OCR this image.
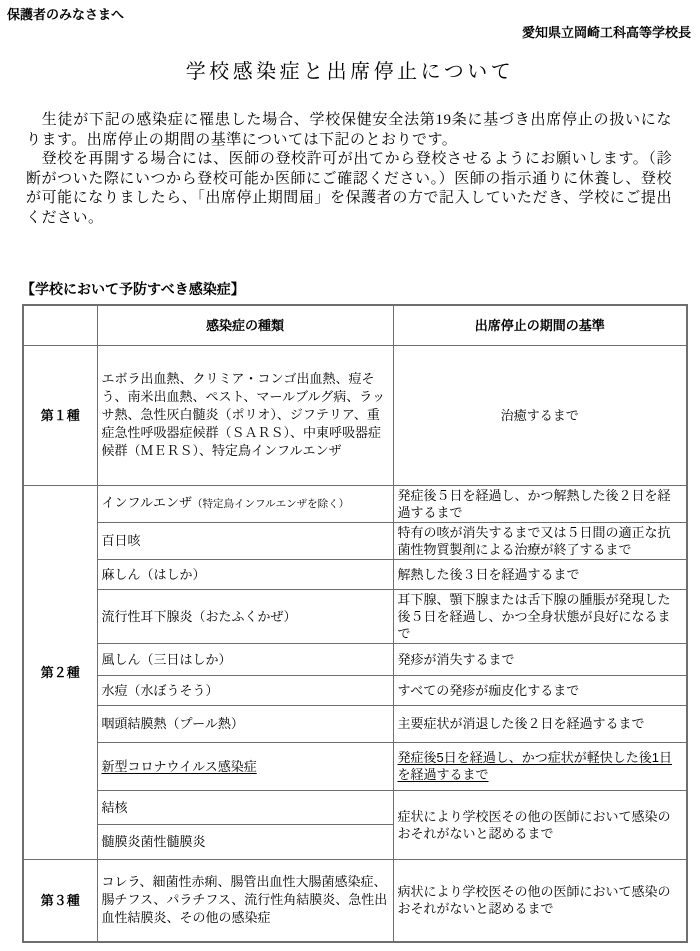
保護者のみなさまへ
愛知県立岡崎工科高等学校長
学校感染症と出席停止について

　生徒が下記の感染症に罹患した場合、学校保健安全法第19条に基づき出席停止の扱いになります。出席停止の期間の基準については下記のとおりです。

　登校を再開する場合には、医師の登校許可が出てから登校させるようにお願いします。（診断がついた際にいつから登校可能か医師にご確認ください。）医師の指示通りに休養し、登校が可能になりましたら、「出席停止期間届」を保護者の方で記入していただき、学校にご提出ください。

【学校において予防すべき感染症】
	感染症の種類	出席停止の期間の基準
第１種	エボラ出血熱、クリミア・コンゴ出血熱、痘そう、南米出血熱、ペスト、マールブルグ病、ラッサ熱、急性灰白髄炎（ポリオ）、ジフテリア、重症急性呼吸器症候群（ＳＡＲＳ）、中東呼吸器症候群（ＭＥＲＳ）、特定鳥インフルエンザ	治癒するまで
第２種	インフルエンザ（特定鳥インフルエンザを除く）	発症後５日を経過し、かつ解熱した後２日を経過するまで
	百日咳	特有の咳が消失するまで又は５日間の適正な抗菌性物質製剤による治療が終了するまで
	麻しん（はしか）	解熱した後３日を経過するまで
	流行性耳下腺炎（おたふくかぜ）	耳下腺、顎下腺または舌下腺の腫脹が発現した後５日を経過し、かつ全身状態が良好になるまで
	風しん（三日はしか）	発疹が消失するまで
	水痘（水ぼうそう）	すべての発疹が痂皮化するまで
	咽頭結膜熱（プール熱）	主要症状が消退した後２日を経過するまで
	新型コロナウイルス感染症	発症後5日を経過し、かつ症状が軽快した後1日を経過するまで
	結核	症状により学校医その他の医師において感染のおそれがないと認めるまで
	髄膜炎菌性髄膜炎	
第３種	コレラ、細菌性赤痢、腸管出血性大腸菌感染症、腸チフス、パラチフス、流行性角結膜炎、急性出血性結膜炎、その他の感染症	病状により学校医その他の医師において感染のおそれがないと認めるまで
